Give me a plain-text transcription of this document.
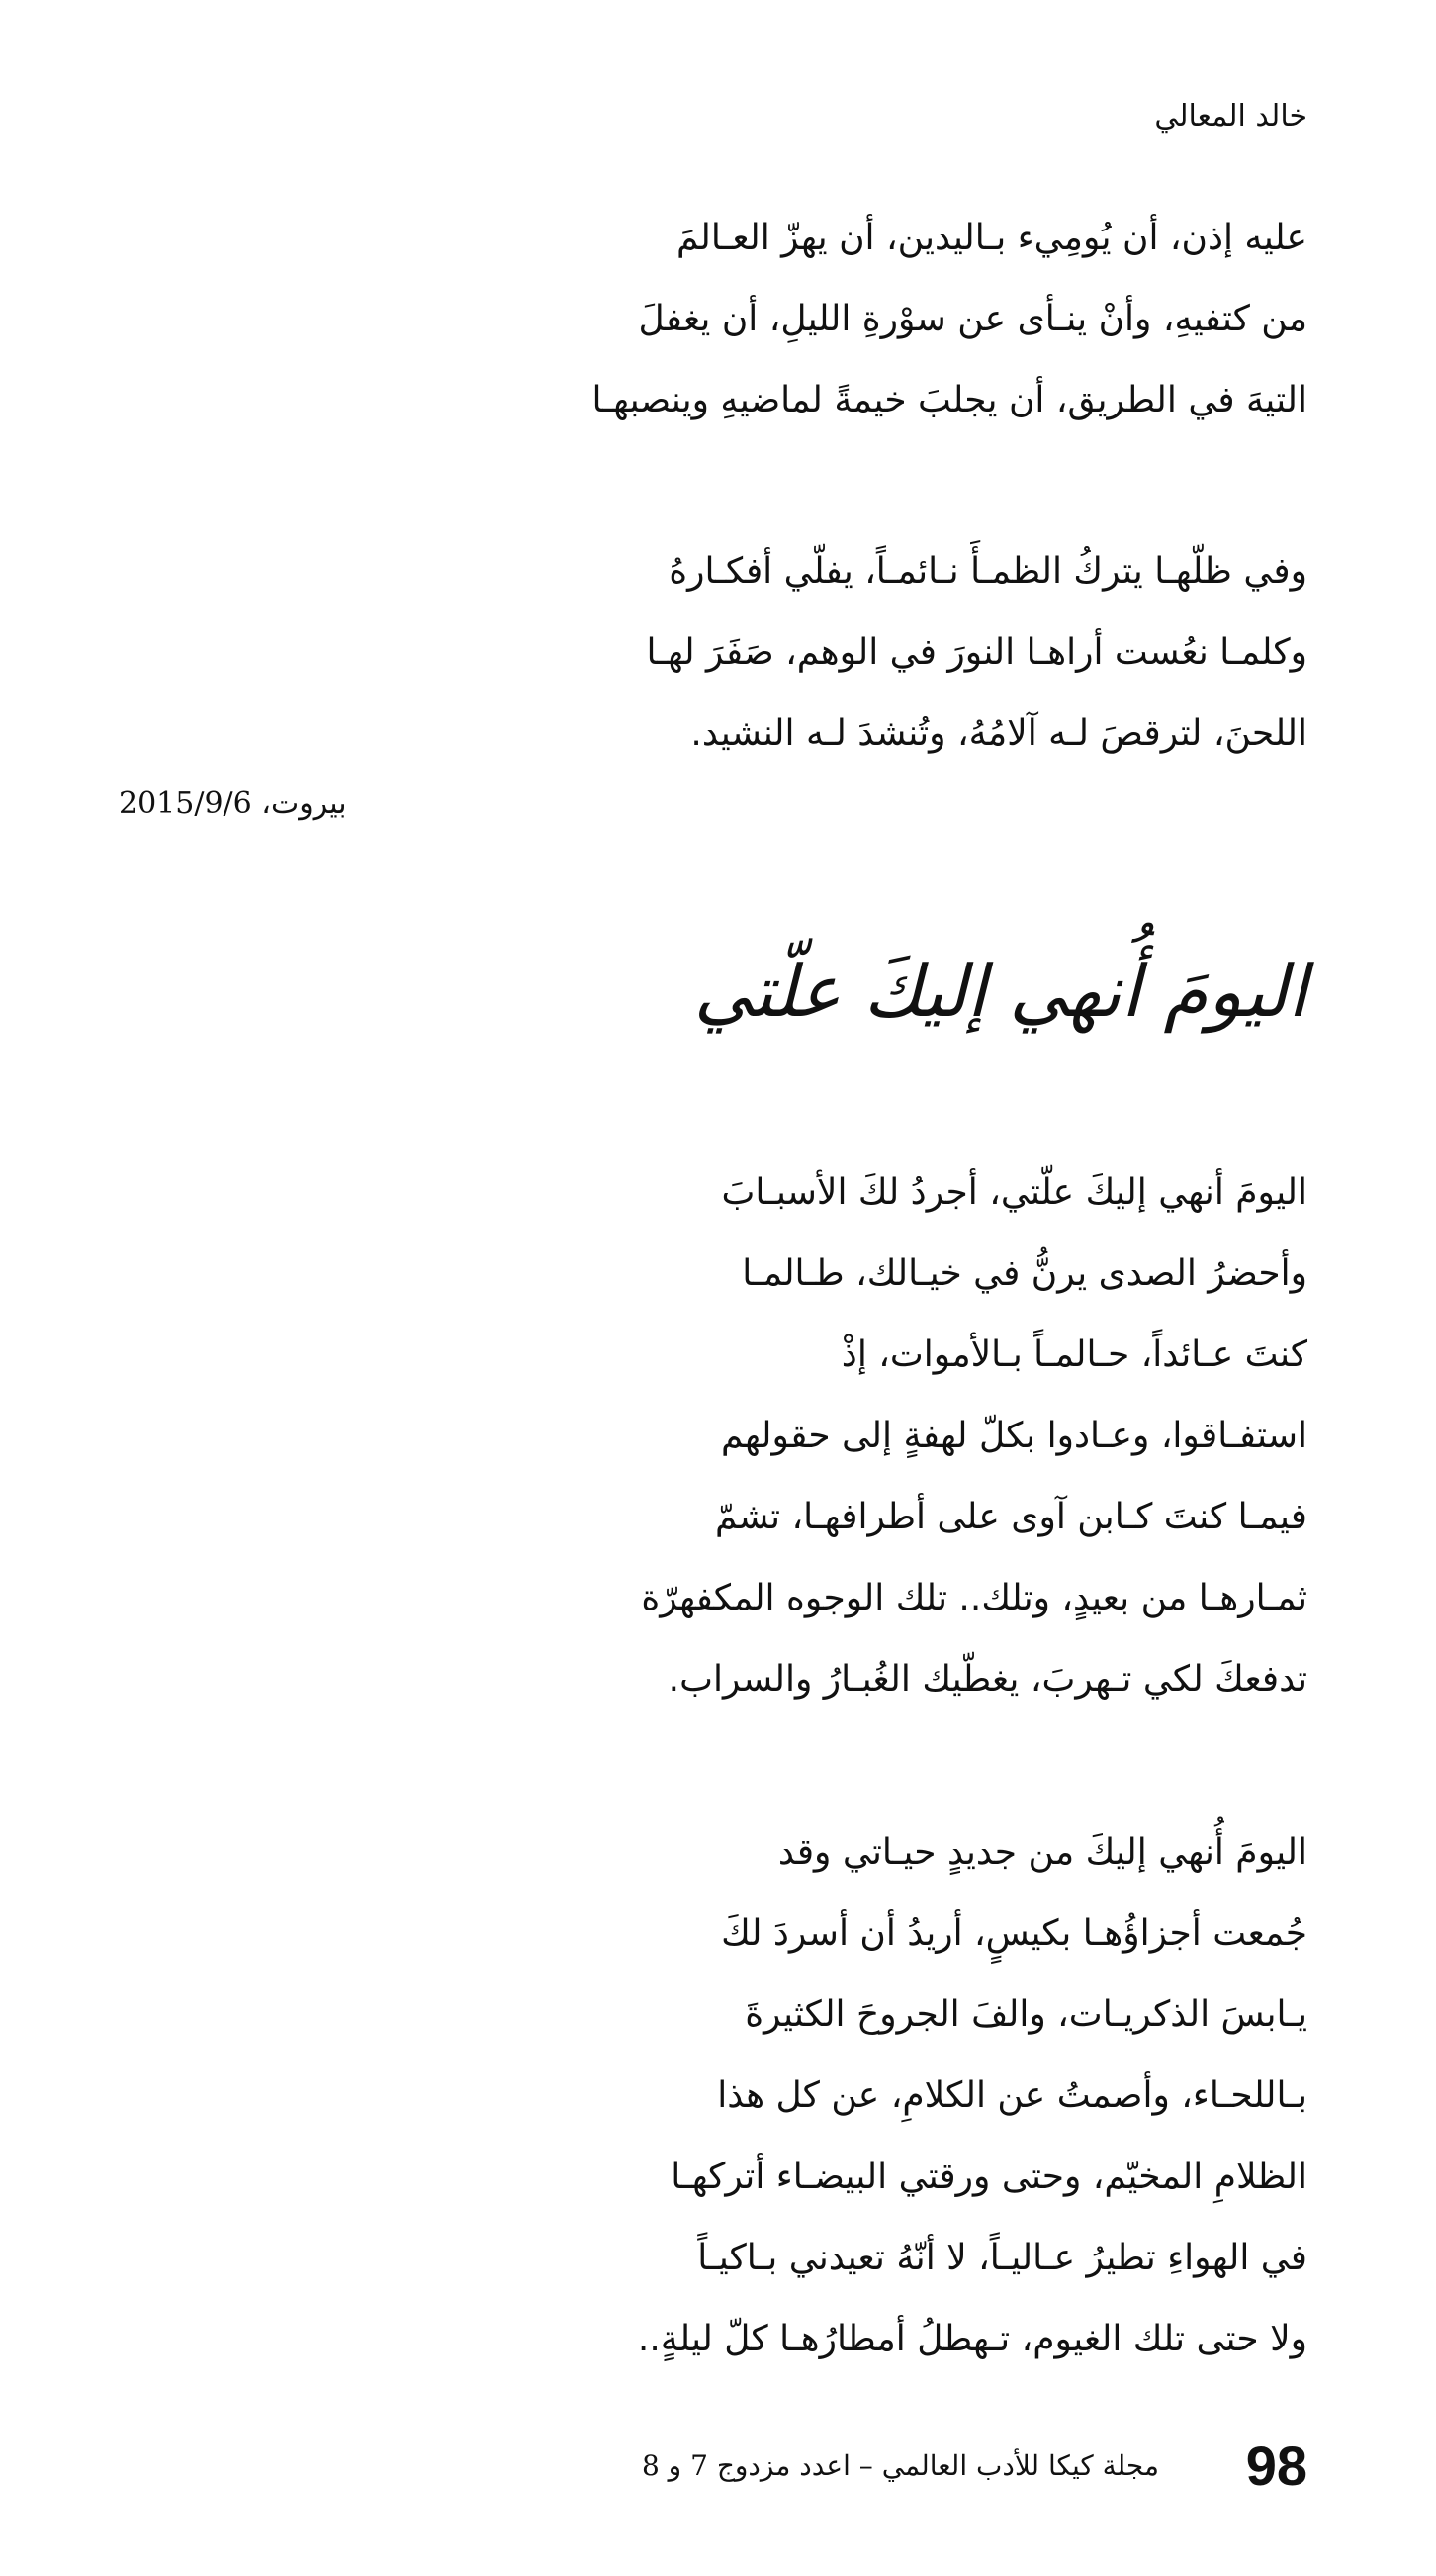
خالد المعالي
عليه إذن، أن يُومِيء بـاليدين، أن يهزّ العـالمَ
من كتفيهِ، وأنْ ينـأى عن سوْرةِ الليلِ، أن يغفلَ
التيهَ في الطريق، أن يجلبَ خيمةً لماضيهِ وينصبهـا
وفي ظلّهـا يتركُ الظمـأَ نـائمـاً، يفلّي أفكـارهُ
وكلمـا نعُست أراهـا النورَ في الوهم، صَفَرَ لهـا
اللحنَ، لترقصَ لـه آلامُهُ، وتُنشدَ لـه النشيد.
بيروت، 2015/9/6
اليومَ أُنهي إليكَ علّتي
اليومَ أنهي إليكَ علّتي، أجردُ لكَ الأسبـابَ
وأحضرُ الصدى يرنُّ في خيـالك، طـالمـا
كنتَ عـائداً، حـالمـاً بـالأموات، إذْ
استفـاقوا، وعـادوا بكلّ لهفةٍ إلى حقولهم
فيمـا كنتَ كـابن آوى على أطرافهـا، تشمّ
ثمـارهـا من بعيدٍ، وتلك.. تلك الوجوه المكفهرّة
تدفعكَ لكي تـهربَ، يغطّيك الغُبـارُ والسراب.
اليومَ أُنهي إليكَ من جديدٍ حيـاتي وقد
جُمعت أجزاؤُهـا بكيسٍ، أريدُ أن أسردَ لكَ
يـابسَ الذكريـات، والفَ الجروحَ الكثيرةَ
بـاللحـاء، وأصمتُ عن الكلامِ، عن كل هذا
الظلامِ المخيّم، وحتى ورقتي البيضـاء أتركهـا
في الهواءِ تطيرُ عـاليـاً، لا أنّهُ تعيدني بـاكيـاً
ولا حتى تلك الغيوم، تـهطلُ أمطارُهـا كلّ ليلةٍ..
98
مجلة كيكا للأدب العالمي – اعدد مزدوج 7 و 8
